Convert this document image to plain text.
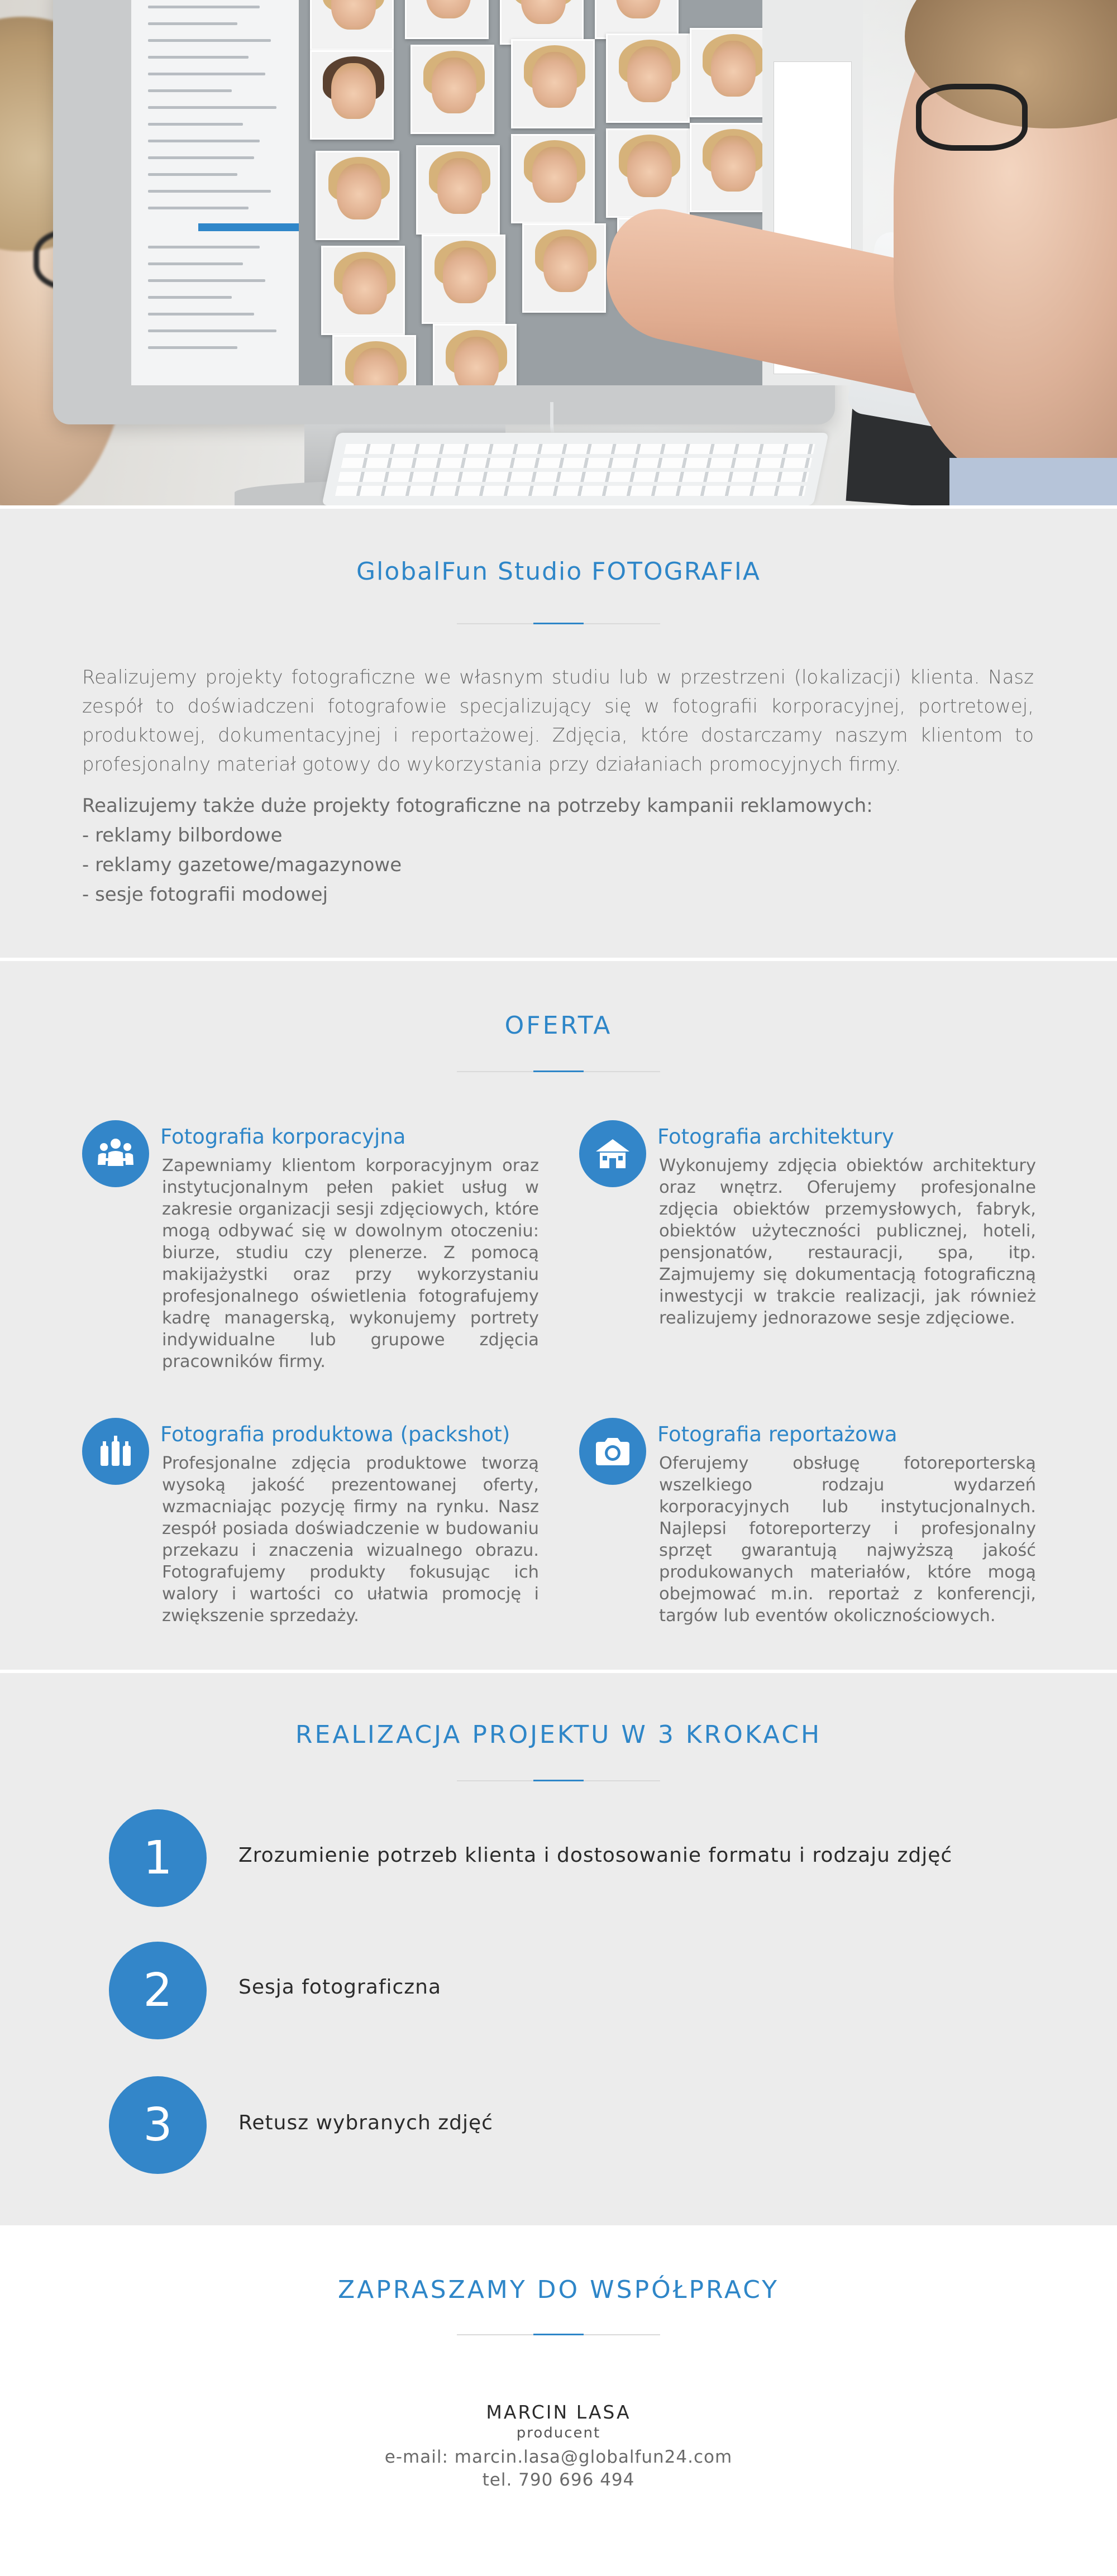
GlobalFun Studio FOTOGRAFIA
Realizujemy projekty fotograficzne we własnym studiu lub w przestrzeni (lokalizacji) klienta. Nasz zespół to doświadczeni fotografowie specjalizujący się w fotografii korporacyjnej, portretowej, produktowej, dokumentacyjnej i reportażowej. Zdjęcia, które dostarczamy naszym klientom to profesjonalny materiał gotowy do wykorzystania przy działaniach promocyjnych firmy.
Realizujemy także duże projekty fotograficzne na potrzeby kampanii reklamowych:
- reklamy bilbordowe
- reklamy gazetowe/magazynowe
- sesje fotografii modowej
OFERTA
Fotografia korporacyjna
Zapewniamy klientom korporacyjnym oraz instytucjonalnym pełen pakiet usług w zakresie organizacji sesji zdjęciowych, które mogą odbywać się w dowolnym otoczeniu: biurze, studiu czy plenerze. Z pomocą makijażystki oraz przy wykorzystaniu profesjonalnego oświetlenia fotografujemy kadrę managerską, wykonujemy portrety indywidualne lub grupowe zdjęcia pracowników firmy.
Fotografia architektury
Wykonujemy zdjęcia obiektów architektury oraz wnętrz. Oferujemy profesjonalne zdjęcia obiektów przemysłowych, fabryk, obiektów użyteczności publicznej, hoteli, pensjonatów, restauracji, spa, itp. Zajmujemy się dokumentacją fotograficzną inwestycji w trakcie realizacji, jak również realizujemy jednorazowe sesje zdjęciowe.
Fotografia produktowa (packshot)
Profesjonalne zdjęcia produktowe tworzą wysoką jakość prezentowanej oferty, wzmacniając pozycję firmy na rynku. Nasz zespół posiada doświadczenie w budowaniu przekazu i znaczenia wizualnego obrazu. Fotografujemy produkty fokusując ich walory i wartości co ułatwia promocję i zwiększenie sprzedaży.
Fotografia reportażowa
Oferujemy obsługę fotoreporterską wszelkiego rodzaju wydarzeń korporacyjnych lub instytucjonalnych. Najlepsi fotoreporterzy i profesjonalny sprzęt gwarantują najwyższą jakość produkowanych materiałów, które mogą obejmować m.in. reportaż z konferencji, targów lub eventów okolicznościowych.
REALIZACJA PROJEKTU W 3 KROKACH
1	Zrozumienie potrzeb klienta i dostosowanie formatu i rodzaju zdjęć
2	Sesja fotograficzna
3	Retusz wybranych zdjęć
ZAPRASZAMY DO WSPÓŁPRACY
MARCIN LASA
producent
e-mail: marcin.lasa@globalfun24.com
tel. 790 696 494
